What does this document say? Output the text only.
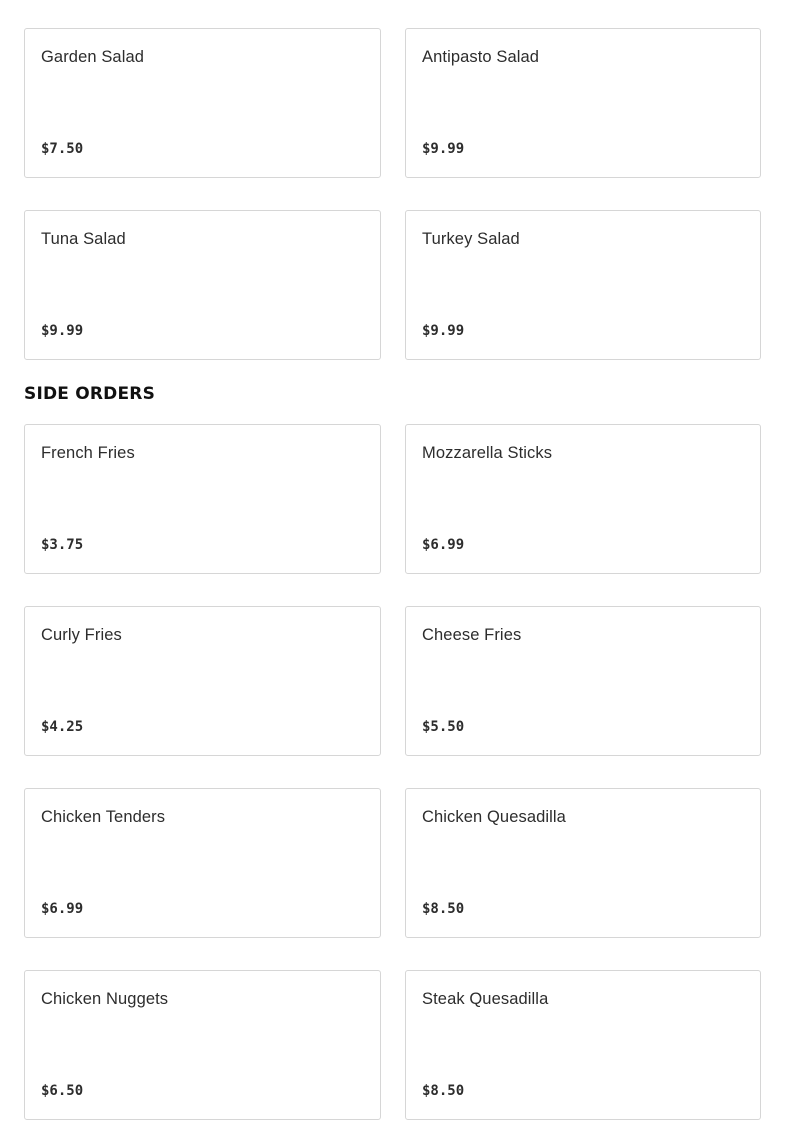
Garden Salad
$7.50
Antipasto Salad
$9.99
Tuna Salad
$9.99
Turkey Salad
$9.99
SIDE ORDERS
French Fries
$3.75
Mozzarella Sticks
$6.99
Curly Fries
$4.25
Cheese Fries
$5.50
Chicken Tenders
$6.99
Chicken Quesadilla
$8.50
Chicken Nuggets
$6.50
Steak Quesadilla
$8.50
